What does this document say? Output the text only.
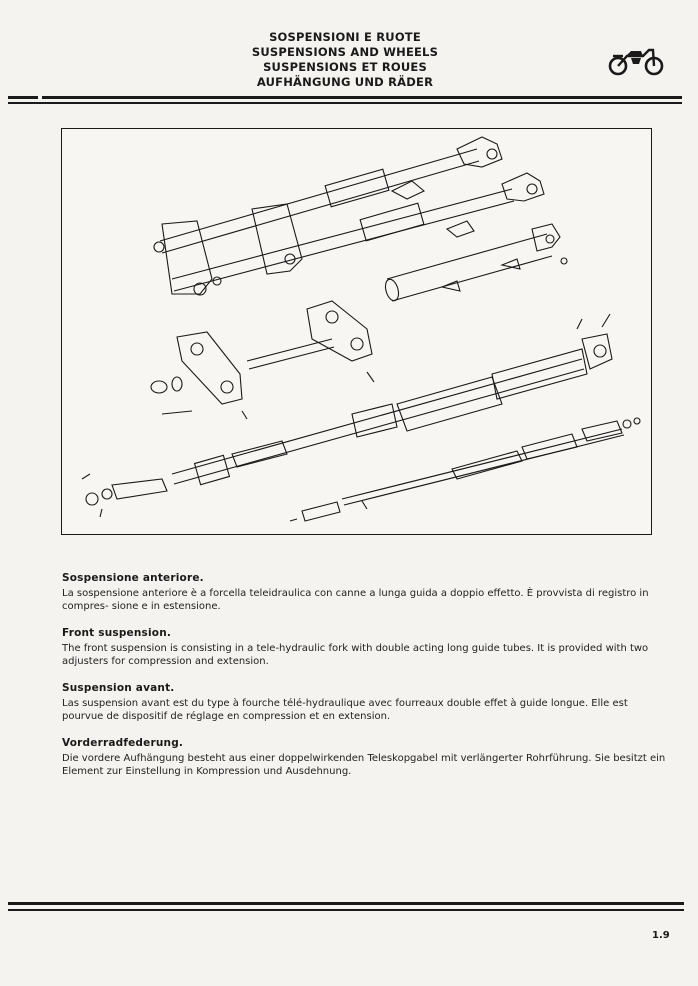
SOSPENSIONI E RUOTE
SUSPENSIONS AND WHEELS
SUSPENSIONS ET ROUES
AUFHÄNGUNG UND RÄDER

Sospensione anteriore.

La sospensione anteriore è a forcella teleidraulica con canne a lunga guida a doppio effetto. È provvista di registro in compres- sione e in estensione.

Front suspension.

The front suspension is consisting in a tele-hydraulic fork with double acting long guide tubes. It is provided with two adjusters for compression and extension.

Suspension avant.

Las suspension avant est du type à fourche télé-hydraulique avec fourreaux double effet à guide longue. Elle est pourvue de dispositif de réglage en compression et en extension.

Vorderradfederung.

Die vordere Aufhängung besteht aus einer doppelwirkenden Teleskopgabel mit verlängerter Rohrführung. Sie besitzt ein Element zur Einstellung in Kompression und Ausdehnung.

1.9
